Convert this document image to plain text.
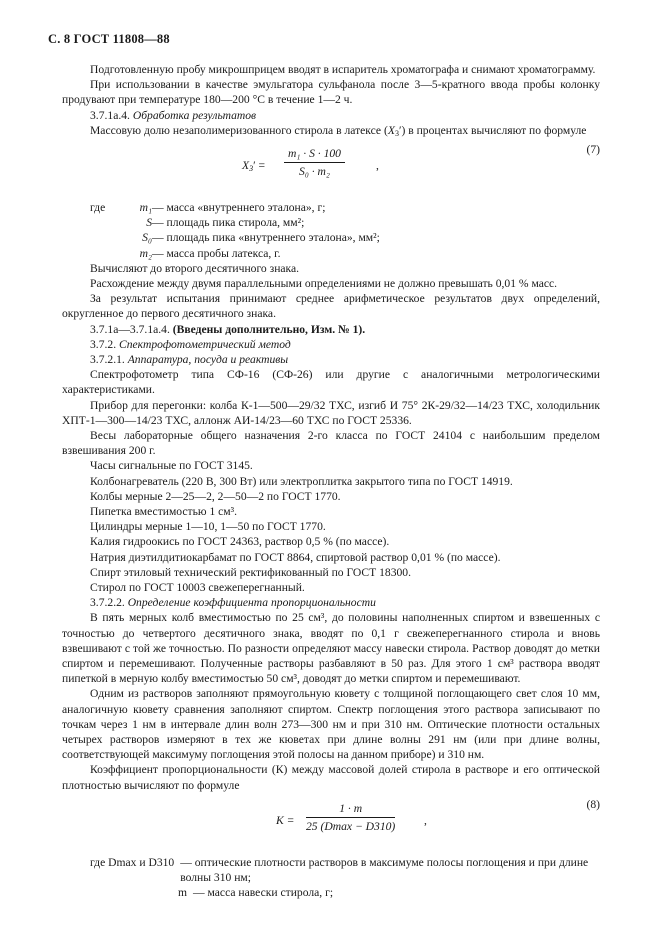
С. 8 ГОСТ 11808—88

Подготовленную пробу микрошприцем вводят в испаритель хроматографа и снимают хроматограмму.

При использовании в качестве эмульгатора сульфанола после 3—5-кратного ввода пробы колонку продувают при температуре 180—200 °С в течение 1—2 ч.

3.7.1а.4. Обработка результатов

Массовую долю незаполимеризованного стирола в латексе $(X_3')$ в процентах вычисляют по формуле

$X_3' = \frac{\text{m₁ · S · 100}}{\text{S₀ · m₂}}$	,
(7)
где	m₁ — масса «внутреннего эталона», г;
S — площадь пика стирола, мм²;
S₀ — площадь пика «внутреннего эталона», мм²;
m₂ — масса пробы латекса, г.

Вычисляют до второго десятичного знака.

Расхождение между двумя параллельными определениями не должно превышать 0,01 % масс.

За результат испытания принимают среднее арифметическое результатов двух определений, округленное до первого десятичного знака.

3.7.1а—3.7.1а.4. (Введены дополнительно, Изм. № 1).

3.7.2. Спектрофотометрический метод

3.7.2.1. Аппаратура, посуда и реактивы

Спектрофотометр типа СФ-16 (СФ-26) или другие с аналогичными метрологическими характеристиками.

Прибор для перегонки: колба К-1—500—29/32 ТХС, изгиб И 75° 2К-29/32—14/23 ТХС, холодильник ХПТ-1—300—14/23 ТХС, аллонж АИ-14/23—60 ТХС по ГОСТ 25336.

Весы лабораторные общего назначения 2-го класса по ГОСТ 24104 с наибольшим пределом взвешивания 200 г.

Часы сигнальные по ГОСТ 3145.

Колбонагреватель (220 В, 300 Вт) или электроплитка закрытого типа по ГОСТ 14919.

Колбы мерные 2—25—2, 2—50—2 по ГОСТ 1770.

Пипетка вместимостью 1 см³.

Цилиндры мерные 1—10, 1—50 по ГОСТ 1770.

Калия гидроокись по ГОСТ 24363, раствор 0,5 % (по массе).

Натрия диэтилдитиокарбамат по ГОСТ 8864, спиртовой раствор 0,01 % (по массе).

Спирт этиловый технический ректификованный по ГОСТ 18300.

Стирол по ГОСТ 10003 свежеперегнанный.

3.7.2.2. Определение коэффициента пропорциональности

В пять мерных колб вместимостью по 25 см³, до половины наполненных спиртом и взвешенных с точностью до четвертого десятичного знака, вводят по 0,1 г свежеперегнанного стирола и вновь взвешивают с той же точностью. По разности определяют массу навески стирола. Раствор доводят до метки спиртом и перемешивают. Полученные растворы разбавляют в 50 раз. Для этого 1 см³ раствора вводят пипеткой в мерную колбу вместимостью 50 см³, доводят до метки спиртом и перемешивают.

Одним из растворов заполняют прямоугольную кювету с толщиной поглощающего свет слоя 10 мм, аналогичную кювету сравнения заполняют спиртом. Спектр поглощения этого раствора записывают по точкам через 1 нм в интервале длин волн 273—300 нм и при 310 нм. Оптические плотности остальных четырех растворов измеряют в тех же кюветах при длине волны 291 нм (или при длине волны, соответствующей максимуму поглощения этой полосы на данном приборе) и 310 нм.

Коэффициент пропорциональности (К) между массовой долей стирола в растворе и его оптической плотностью вычисляют по формуле

K =
1 · m
25 (Dmax − D310) ,
(8)
где Dmax и D310 — оптические плотности растворов в максимуме полосы поглощения и при длине волны 310 нм;
m — масса навески стирола, г;
